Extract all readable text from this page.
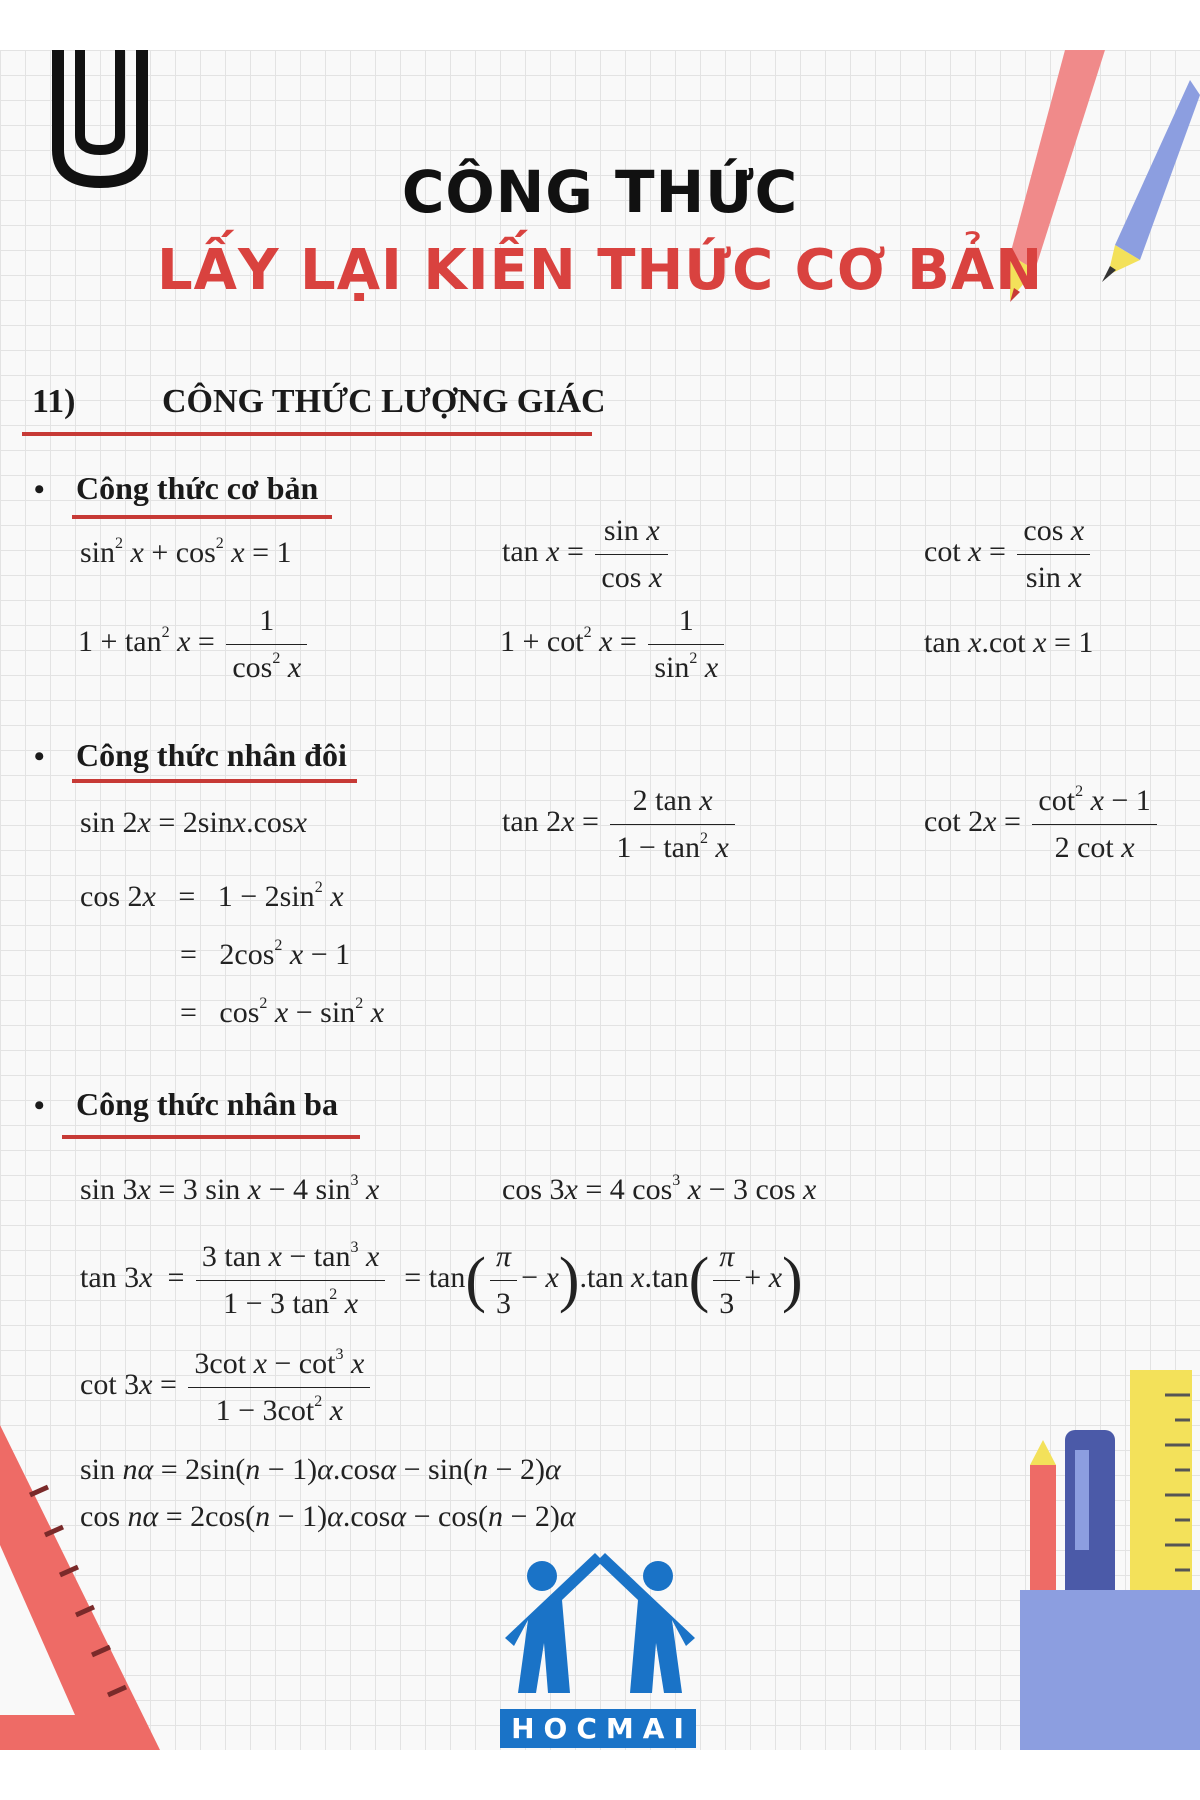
CÔNG THỨC
LẤY LẠI KIẾN THỨC CƠ BẢN
11)	CÔNG THỨC LƯỢNG GIÁC
• Công thức cơ bản
$\sin^2 x + \cos^2 x = 1$	$\tan x = \frac{\text{sin x}}{\text{cos x}}$	$\cot x = \frac{\text{cos x}}{\text{sin x}}$
$1 + \tan^2 x = \frac{1}{\cos^2 x}$	$1 + \cot^2 x = \frac{1}{\sin^2 x}$	tan x.cot x = 1
• Công thức nhân đôi
sin 2x = 2sinx.cosx	$\tan 2x = \frac{\text{2 tan x}}{1 - \tan^2 x}$	$\cot 2x = \frac{\cot^2 x - 1}{\text{2 cot x}}$
$\cos 2x = 1 - 2\sin^2$ x
=   $2\cos^2$ x − 1
=   $\cos^2 x - \sin^2 x$
• Công thức nhân ba
sin 3x = 3 sin x − 4 $\sin^3 x$	cos 3x = 4 $\cos^3 x - 3$ cos x
$\tan 3x = \frac{3 \tan x - \tan^3 x}{1 - 3 \tan^2 x} = \tan( \frac{\pi}{3} - x).\tan$ $x.\tan( \frac{\pi}{3} + x)$
$\cot 3x = \frac{3\cot x - \cot^3 x}{1 - 3\cot^2 x}$
sin nα = 2sin(n − 1)α.cosα − sin(n − 2)α
cos nα = 2cos(n − 1)α.cosα − cos(n − 2)α
HOCMAI
